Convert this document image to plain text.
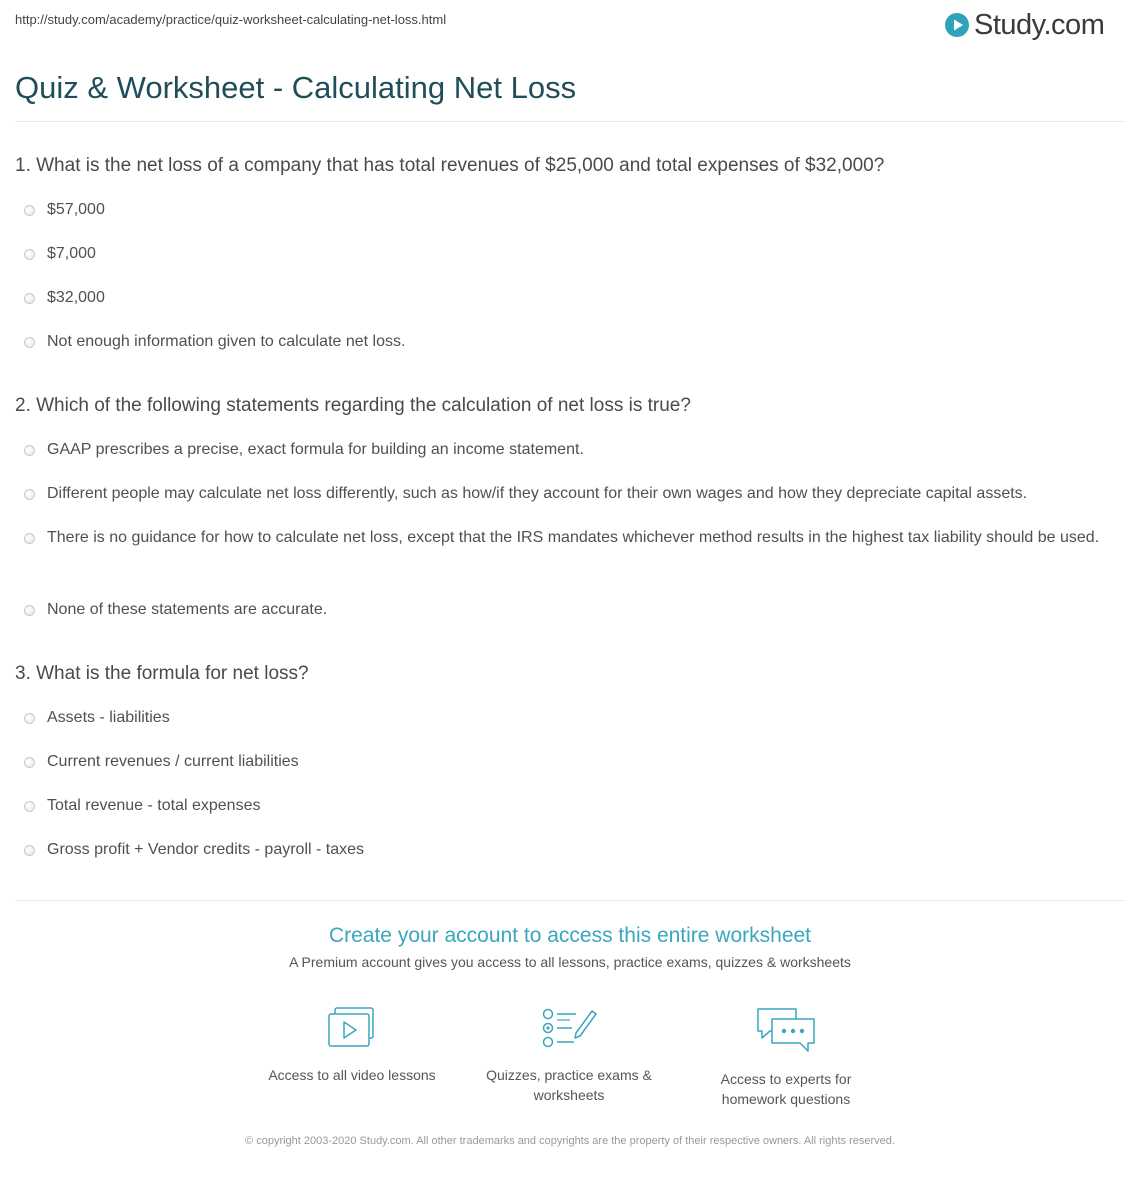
http://study.com/academy/practice/quiz-worksheet-calculating-net-loss.html	Study.com
Quiz & Worksheet - Calculating Net Loss
1. What is the net loss of a company that has total revenues of $25,000 and total expenses of $32,000?
$57,000
$7,000
$32,000
Not enough information given to calculate net loss.
2. Which of the following statements regarding the calculation of net loss is true?
GAAP prescribes a precise, exact formula for building an income statement.
Different people may calculate net loss differently, such as how/if they account for their own wages and how they depreciate capital assets.
There is no guidance for how to calculate net loss, except that the IRS mandates whichever method results in the highest tax liability should be used.
None of these statements are accurate.
3. What is the formula for net loss?
Assets - liabilities
Current revenues / current liabilities
Total revenue - total expenses
Gross profit + Vendor credits - payroll - taxes
Create your account to access this entire worksheet
A Premium account gives you access to all lessons, practice exams, quizzes & worksheets
Access to all video lessons	Quizzes, practice exams & worksheets
Access to experts for homework questions
© copyright 2003-2020 Study.com. All other trademarks and copyrights are the property of their respective owners. All rights reserved.
